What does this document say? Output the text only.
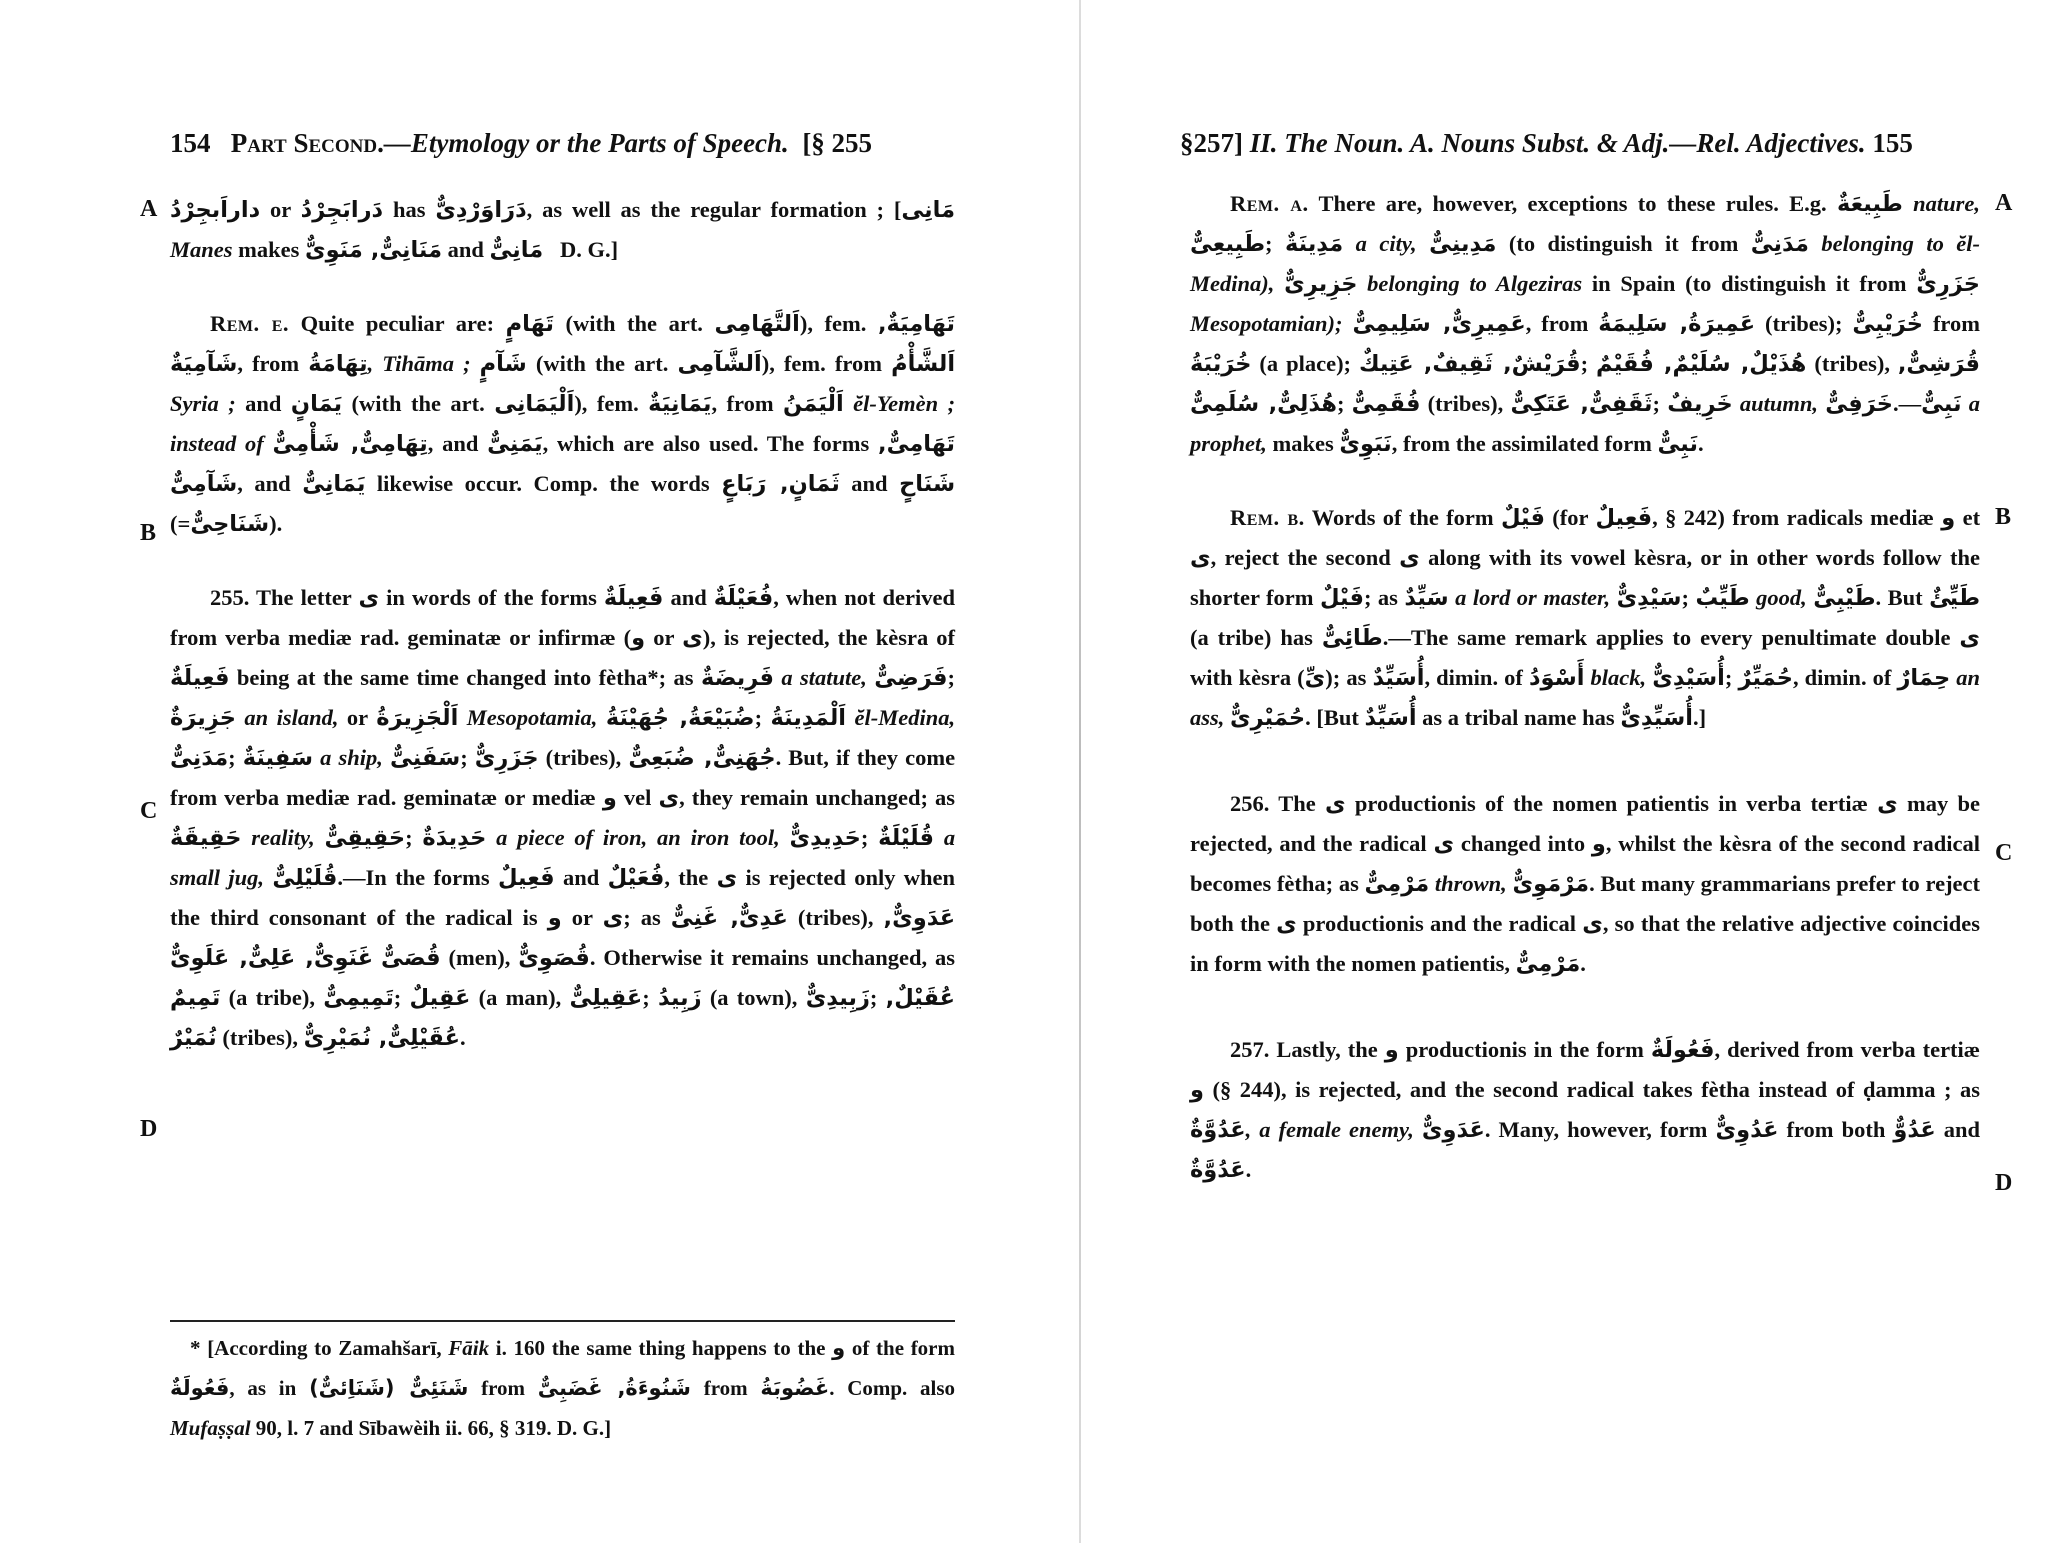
154 Part Second.—Etymology or the Parts of Speech. [§ 255
A
B
C
D

داراَبجِرْدُ or دَرابَجِرْدُ has دَرَاوَرْدِىٌّ, as well as the regular formation ; [مَانِى Manes makes مَنَانِىٌّ, مَنَوِىٌّ and مَانِىٌّ D. G.]

Rem. e. Quite peculiar are: تَهَامٍ (with the art. اَلتَّهَامِى), fem. تَهَامِيَةٌ, شَآمِيَةٌ, from تِهَامَةُ, Tihāma ; شَآمٍ (with the art. اَلشَّآمِى), fem. from اَلشَّأْمُ Syria ; and يَمَانٍ (with the art. اَلْيَمَانِى), fem. يَمَانِيَةٌ, from اَلْيَمَنُ ĕl-Yemèn ; instead of تِهَامِىٌّ, شَأْمِىٌّ, and يَمَنِىٌّ, which are also used. The forms تَهَامِىٌّ, شَآمِىٌّ, and يَمَانِىٌّ likewise occur. Comp. the words ثَمَانٍ, رَبَاعٍ and شَنَاحٍ (=شَنَاحِىٌّ).

255. The letter ى in words of the forms فَعِيلَةٌ and فُعَيْلَةٌ, when not derived from verba mediæ rad. geminatæ or infirmæ (و or ى), is rejected, the kèsra of فَعِيلَةٌ being at the same time changed into fètha*; as فَرِيضَةٌ a statute, فَرَضِىٌّ; جَزِيرَةٌ an island, or اَلْجَزِيرَةُ Mesopotamia, ضُبَيْعَةُ, جُهَيْنَةُ; اَلْمَدِينَةُ ĕl-Medina, مَدَنِىٌّ; سَفِينَةٌ a ship, سَفَنِىٌّ; جَزَرِىٌّ (tribes), جُهَنِىٌّ, ضُبَعِىٌّ. But, if they come from verba mediæ rad. geminatæ or mediæ و vel ى, they remain unchanged; as حَقِيقَةٌ reality, حَقِيقِىٌّ; حَدِيدَةٌ a piece of iron, an iron tool, حَدِيدِىٌّ; قُلَيْلَةٌ a small jug, قُلَيْلِىٌّ.—In the forms فَعِيلٌ and فُعَيْلٌ, the ى is rejected only when the third consonant of the radical is و or ى; as عَدِىٌّ, غَنِىٌّ (tribes), عَدَوِىٌّ, غَنَوِىٌّ, عَلِىٌّ, عَلَوِىٌّ قُصَىٌّ (men), قُصَوِىٌّ. Otherwise it remains unchanged, as تَمِيمٌ (a tribe), تَمِيمِىٌّ; عَقِيلٌ (a man), عَقِيلِىٌّ; زَبِيدُ (a town), زَبِيدِىٌّ; عُقَيْلٌ, نُمَيْرٌ (tribes), عُقَيْلِىٌّ, نُمَيْرِىٌّ.

* [According to Zamahšarī, Fāik i. 160 the same thing happens to the و of the form فَعُولَةٌ, as in شَنَئِىٌّ (شَنَاِئىٌّ) from شَنُوءَةُ, غَضَبِىٌّ from غَضُوبَةُ. Comp. also Mufaṣṣal 90, l. 7 and Sībawèih ii. 66, § 319. D. G.]
§257] II. The Noun. A. Nouns Subst. & Adj.—Rel. Adjectives. 155
A
B
C
D

Rem. a. There are, however, exceptions to these rules. E.g. طَبِيعَةٌ nature, طَبِيعِىٌّ; مَدِينَةٌ a city, مَدِينِىٌّ (to distinguish it from مَدَنِىٌّ belonging to ĕl-Medina), جَزِيرِىٌّ belonging to Algeziras in Spain (to distinguish it from جَزَرِىٌّ Mesopotamian); عَمِيرِىٌّ, سَلِيمِىٌّ, from عَمِيرَةُ, سَلِيمَةُ (tribes); خُرَيْبِىٌّ from خُرَيْبَةُ (a place); قُرَيْشٌ, ثَقِيفٌ, عَتِيكٌ; هُذَيْلٌ, سُلَيْمٌ, فُقَيْمٌ (tribes), قُرَشِىٌّ, هُذَلِىٌّ, سُلَمِىٌّ; فُقَمِىٌّ (tribes), ثَقَفِىٌّ, عَتَكِىٌّ; خَرِيفٌ autumn, خَرَفِىٌّ.—نَبِىٌّ a prophet, makes نَبَوِىٌّ, from the assimilated form نَبِىٌّ.

Rem. b. Words of the form فَيْلٌ (for فَعِيلٌ, § 242) from radicals mediæ و et ى, reject the second ى along with its vowel kèsra, or in other words follow the shorter form فَيْلٌ; as سَيِّدٌ a lord or master, سَيْدِىٌّ; طَيِّبٌ good, طَيْبِىٌّ. But طَيِّئٌ (a tribe) has طَائِىٌّ.—The same remark applies to every penultimate double ى with kèsra (ىِّ); as أُسَيِّدٌ, dimin. of أَسْوَدُ black, أُسَيْدِىٌّ; حُمَيِّرٌ, dimin. of حِمَارٌ an ass, حُمَيْرِىٌّ. [But أُسَيِّدٌ as a tribal name has أُسَيِّدِىٌّ.]

256. The ى productionis of the nomen patientis in verba tertiæ ى may be rejected, and the radical ى changed into و, whilst the kèsra of the second radical becomes fètha; as مَرْمِىٌّ thrown, مَرْمَوِىٌّ. But many grammarians prefer to reject both the ى productionis and the radical ى, so that the relative adjective coincides in form with the nomen patientis, مَرْمِىٌّ.

257. Lastly, the و productionis in the form فَعُولَةٌ, derived from verba tertiæ و (§ 244), is rejected, and the second radical takes fètha instead of ḍamma ; as عَدُوَّةٌ, a female enemy, عَدَوِىٌّ. Many, however, form عَدُوِىٌّ from both عَدُوٌّ and عَدُوَّةٌ.
